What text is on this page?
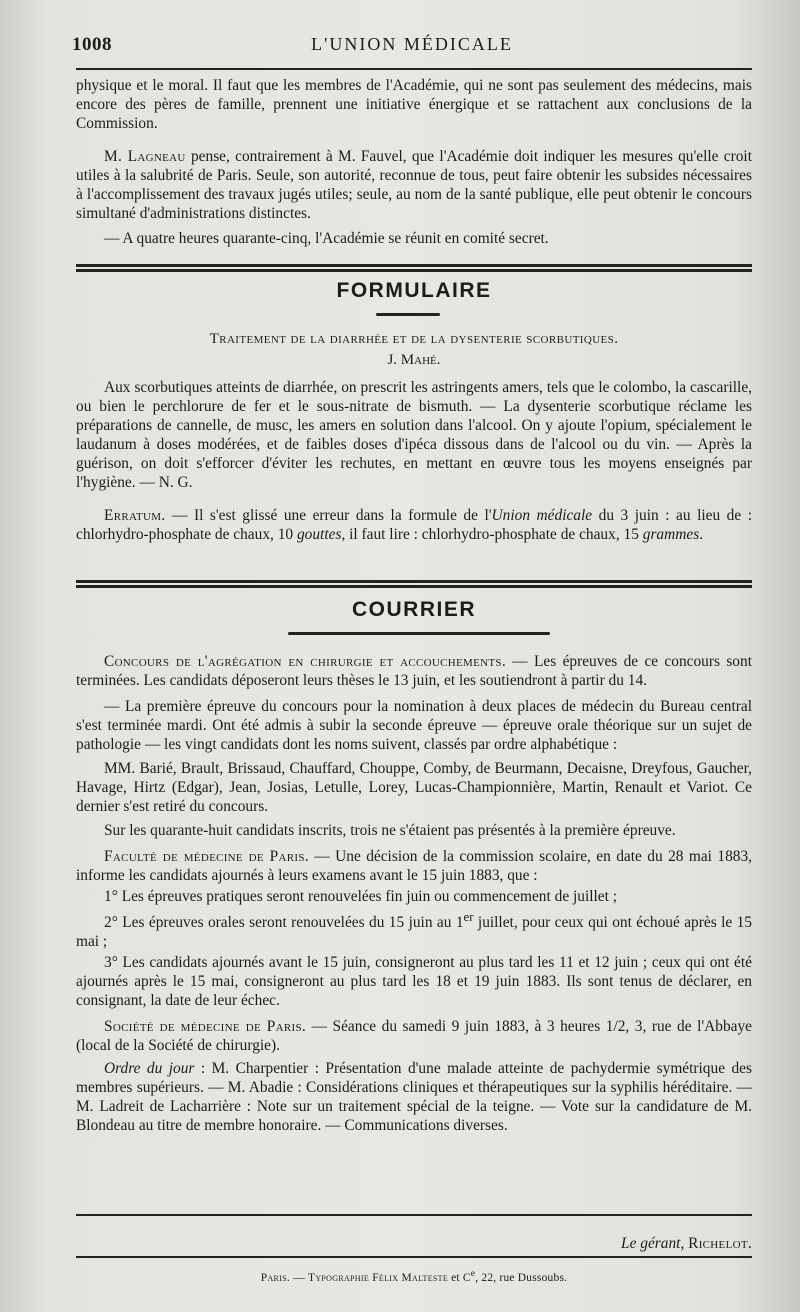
1008	L'UNION MÉDICALE

physique et le moral. Il faut que les membres de l'Académie, qui ne sont pas seulement des médecins, mais encore des pères de famille, prennent une initiative énergique et se rattachent aux conclusions de la Commission.

M. Lagneau pense, contrairement à M. Fauvel, que l'Académie doit indiquer les mesures qu'elle croit utiles à la salubrité de Paris. Seule, son autorité, reconnue de tous, peut faire obtenir les subsides nécessaires à l'accomplissement des travaux jugés utiles; seule, au nom de la santé publique, elle peut obtenir le concours simultané d'administrations distinctes.

— A quatre heures quarante-cinq, l'Académie se réunit en comité secret.

FORMULAIRE

Traitement de la diarrhée et de la dysenterie scorbutiques.

J. Mahé.

Aux scorbutiques atteints de diarrhée, on prescrit les astringents amers, tels que le colombo, la cascarille, ou bien le perchlorure de fer et le sous-nitrate de bismuth. — La dysenterie scorbutique réclame les préparations de cannelle, de musc, les amers en solution dans l'alcool. On y ajoute l'opium, spécialement le laudanum à doses modérées, et de faibles doses d'ipéca dissous dans de l'alcool ou du vin. — Après la guérison, on doit s'efforcer d'éviter les rechutes, en mettant en œuvre tous les moyens enseignés par l'hygiène. — N. G.

Erratum. — Il s'est glissé une erreur dans la formule de l'Union médicale du 3 juin : au lieu de : chlorhydro-phosphate de chaux, 10 gouttes, il faut lire : chlorhydro-phosphate de chaux, 15 grammes.

COURRIER

Concours de l'agrégation en chirurgie et accouchements. — Les épreuves de ce concours sont terminées. Les candidats déposeront leurs thèses le 13 juin, et les soutiendront à partir du 14.

— La première épreuve du concours pour la nomination à deux places de médecin du Bureau central s'est terminée mardi. Ont été admis à subir la seconde épreuve — épreuve orale théorique sur un sujet de pathologie — les vingt candidats dont les noms suivent, classés par ordre alphabétique :

MM. Barié, Brault, Brissaud, Chauffard, Chouppe, Comby, de Beurmann, Decaisne, Dreyfous, Gaucher, Havage, Hirtz (Edgar), Jean, Josias, Letulle, Lorey, Lucas-Championnière, Martin, Renault et Variot. Ce dernier s'est retiré du concours.

Sur les quarante-huit candidats inscrits, trois ne s'étaient pas présentés à la première épreuve.

Faculté de médecine de Paris. — Une décision de la commission scolaire, en date du 28 mai 1883, informe les candidats ajournés à leurs examens avant le 15 juin 1883, que :

1° Les épreuves pratiques seront renouvelées fin juin ou commencement de juillet ;

2° Les épreuves orales seront renouvelées du 15 juin au 1er juillet, pour ceux qui ont échoué après le 15 mai ;

3° Les candidats ajournés avant le 15 juin, consigneront au plus tard les 11 et 12 juin ; ceux qui ont été ajournés après le 15 mai, consigneront au plus tard les 18 et 19 juin 1883. Ils sont tenus de déclarer, en consignant, la date de leur échec.

Société de médecine de Paris. — Séance du samedi 9 juin 1883, à 3 heures 1/2, 3, rue de l'Abbaye (local de la Société de chirurgie).

Ordre du jour : M. Charpentier : Présentation d'une malade atteinte de pachydermie symétrique des membres supérieurs. — M. Abadie : Considérations cliniques et thérapeutiques sur la syphilis héréditaire. — M. Ladreit de Lacharrière : Note sur un traitement spécial de la teigne. — Vote sur la candidature de M. Blondeau au titre de membre honoraire. — Communications diverses.

Le gérant, Richelot.

Paris. — Typographie Félix Malteste et Ce, 22, rue Dussoubs.
